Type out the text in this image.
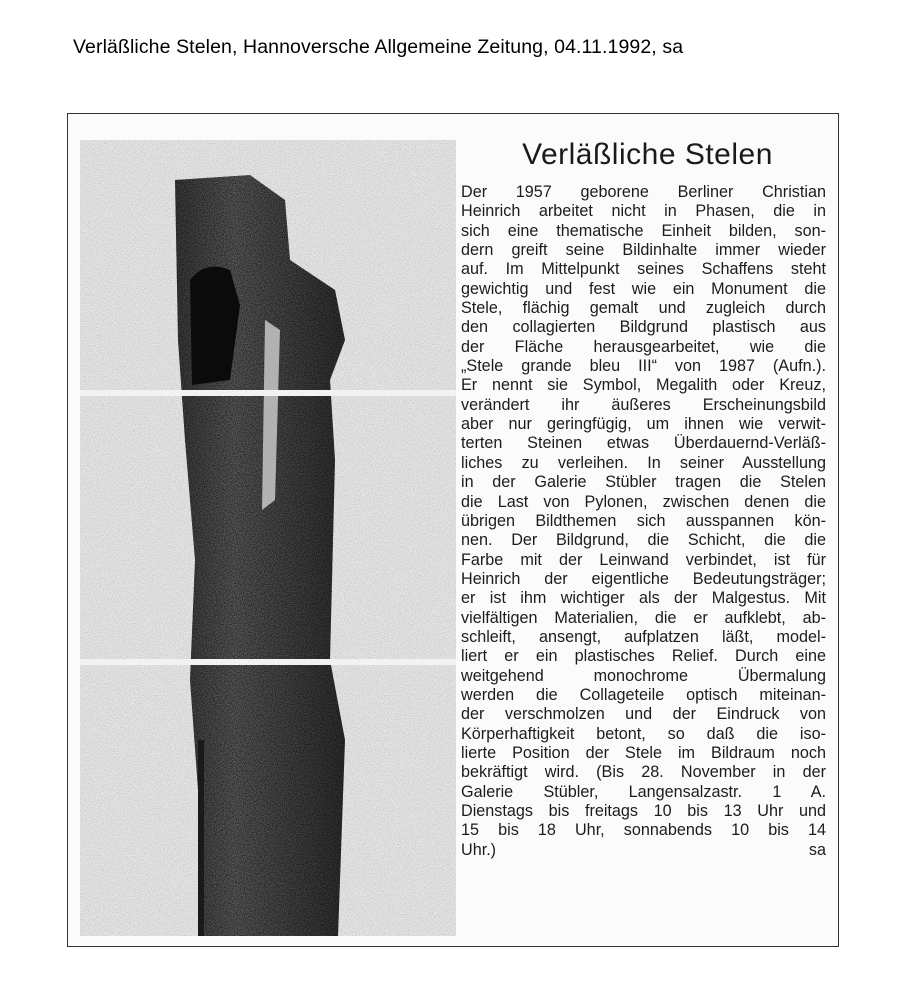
Verläßliche Stelen, Hannoversche Allgemeine Zeitung, 04.11.1992, sa
Verläßliche Stelen
Der 1957 geborene Berliner Christian
Heinrich arbeitet nicht in Phasen, die in
sich eine thematische Einheit bilden, son-
dern greift seine Bildinhalte immer wieder
auf. Im Mittelpunkt seines Schaffens steht
gewichtig und fest wie ein Monument die
Stele, flächig gemalt und zugleich durch
den collagierten Bildgrund plastisch aus
der Fläche herausgearbeitet, wie die
„Stele grande bleu III“ von 1987 (Aufn.).
Er nennt sie Symbol, Megalith oder Kreuz,
verändert ihr äußeres Erscheinungsbild
aber nur geringfügig, um ihnen wie verwit-
terten Steinen etwas Überdauernd-Verläß-
liches zu verleihen. In seiner Ausstellung
in der Galerie Stübler tragen die Stelen
die Last von Pylonen, zwischen denen die
übrigen Bildthemen sich ausspannen kön-
nen. Der Bildgrund, die Schicht, die die
Farbe mit der Leinwand verbindet, ist für
Heinrich der eigentliche Bedeutungsträger;
er ist ihm wichtiger als der Malgestus. Mit
vielfältigen Materialien, die er aufklebt, ab-
schleift, ansengt, aufplatzen läßt, model-
liert er ein plastisches Relief. Durch eine
weitgehend monochrome Übermalung
werden die Collageteile optisch miteinan-
der verschmolzen und der Eindruck von
Körperhaftigkeit betont, so daß die iso-
lierte Position der Stele im Bildraum noch
bekräftigt wird. (Bis 28. November in der
Galerie Stübler, Langensalzastr. 1 A.
Dienstags bis freitags 10 bis 13 Uhr und
15 bis 18 Uhr, sonnabends 10 bis 14
Uhr.)	sa
